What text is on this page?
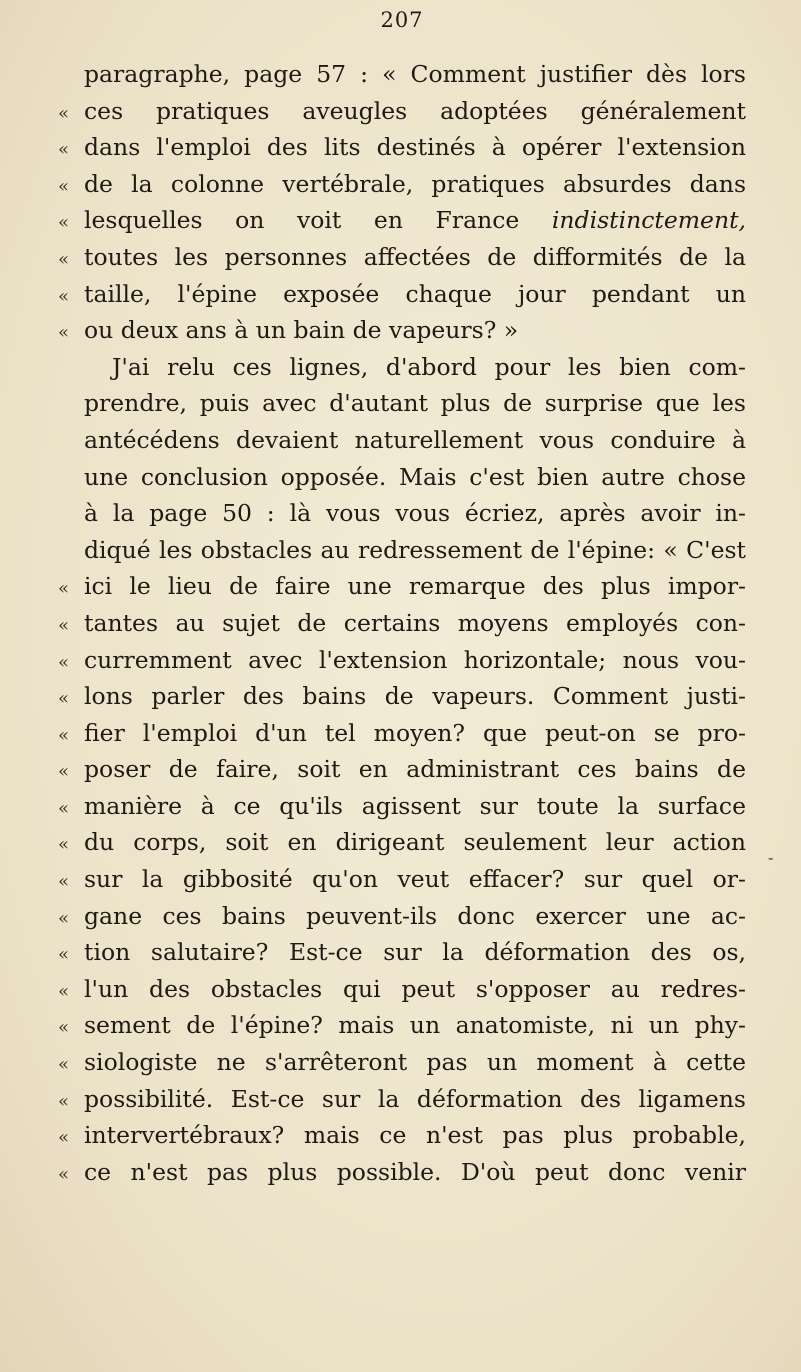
207
paragraphe, page 57 : « Comment justifier dès lors
« ces pratiques aveugles adoptées généralement
« dans l'emploi des lits destinés à opérer l'extension
« de la colonne vertébrale, pratiques absurdes dans
« lesquelles on voit en France indistinctement,
« toutes les personnes affectées de difformités de la
« taille, l'épine exposée chaque jour pendant un
« ou deux ans à un bain de vapeurs? »
J'ai relu ces lignes, d'abord pour les bien com-
prendre, puis avec d'autant plus de surprise que les
antécédens devaient naturellement vous conduire à
une conclusion opposée. Mais c'est bien autre chose
à la page 50 : là vous vous écriez, après avoir in-
diqué les obstacles au redressement de l'épine: « C'est
« ici le lieu de faire une remarque des plus impor-
« tantes au sujet de certains moyens employés con-
« curremment avec l'extension horizontale; nous vou-
« lons parler des bains de vapeurs. Comment justi-
« fier l'emploi d'un tel moyen? que peut-on se pro-
« poser de faire, soit en administrant ces bains de
« manière à ce qu'ils agissent sur toute la surface
« du corps, soit en dirigeant seulement leur action
« sur la gibbosité qu'on veut effacer? sur quel or-
« gane ces bains peuvent-ils donc exercer une ac-
« tion salutaire? Est-ce sur la déformation des os,
« l'un des obstacles qui peut s'opposer au redres-
« sement de l'épine? mais un anatomiste, ni un phy-
« siologiste ne s'arrêteront pas un moment à cette
« possibilité. Est-ce sur la déformation des ligamens
« intervertébraux? mais ce n'est pas plus probable,
« ce n'est pas plus possible. D'où peut donc venir
-
